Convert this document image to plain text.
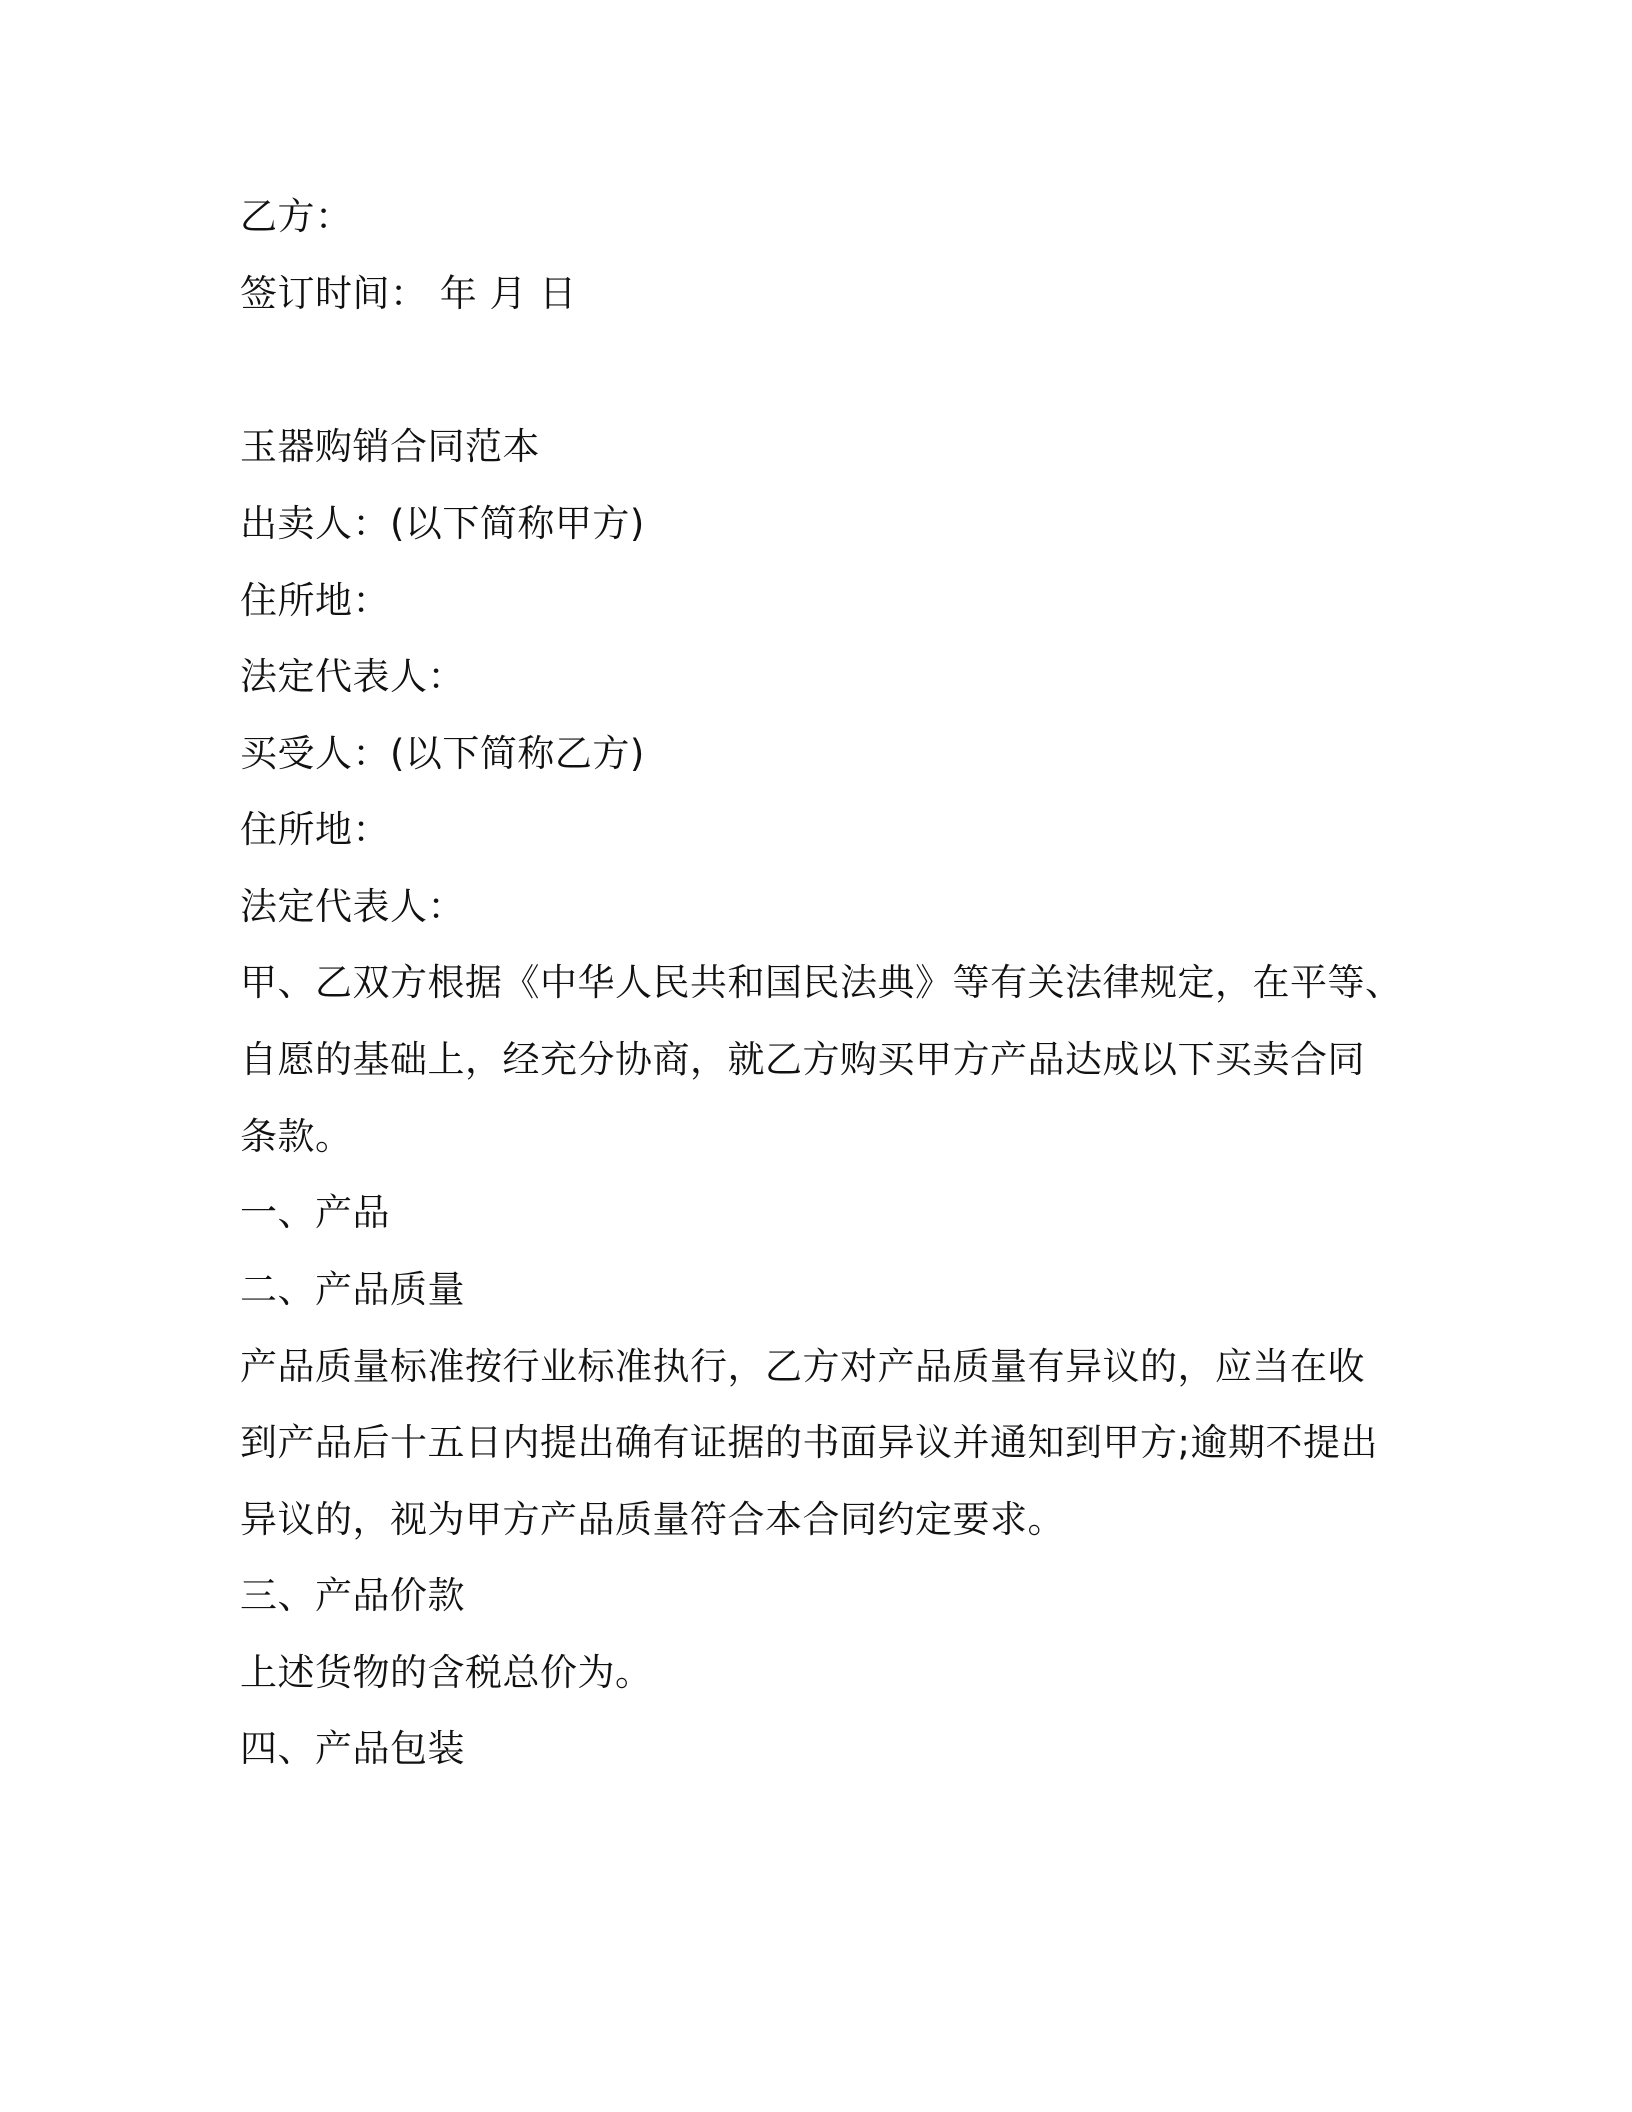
乙方：
签订时间： 年 月 日
玉器购销合同范本
出卖人：(以下简称甲方)
住所地：
法定代表人：
买受人：(以下简称乙方)
住所地：
法定代表人：
甲、乙双方根据《中华人民共和国民法典》等有关法律规定，在平等、
自愿的基础上，经充分协商，就乙方购买甲方产品达成以下买卖合同
条款。
一、产品
二、产品质量
产品质量标准按行业标准执行，乙方对产品质量有异议的，应当在收
到产品后十五日内提出确有证据的书面异议并通知到甲方;逾期不提出
异议的，视为甲方产品质量符合本合同约定要求。
三、产品价款
上述货物的含税总价为。
四、产品包装
